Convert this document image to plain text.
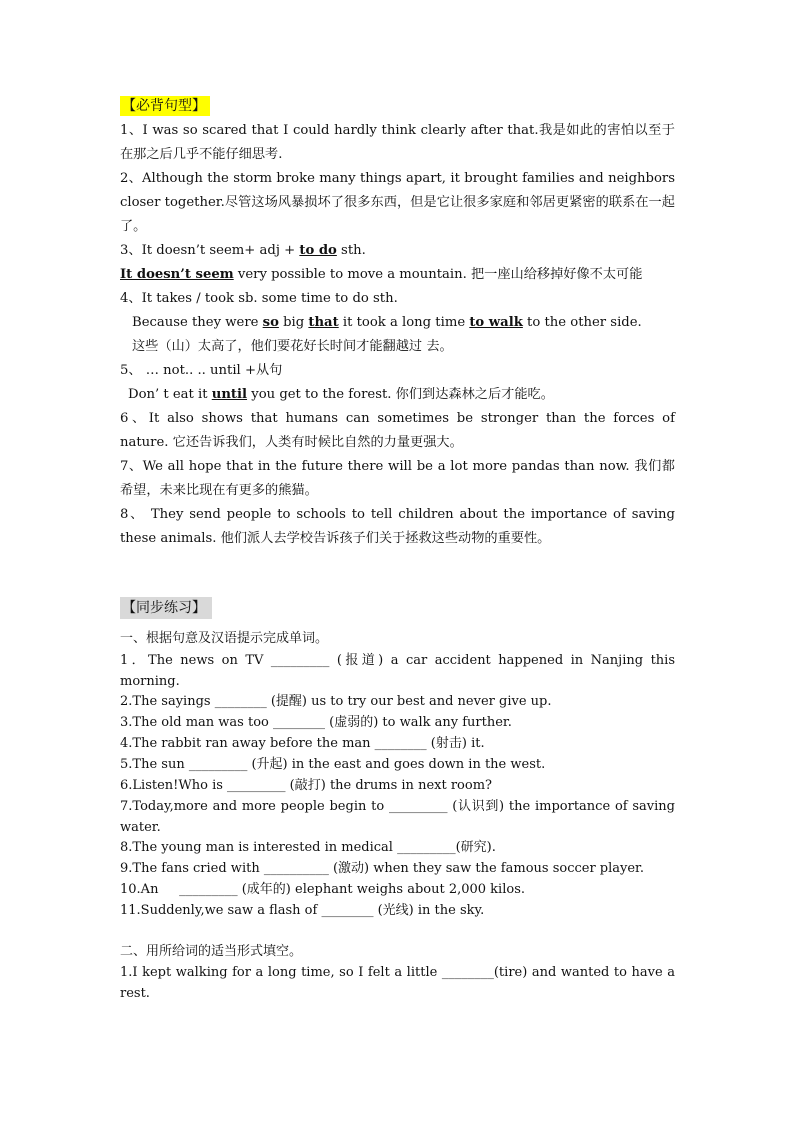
【必背句型】
1、I was so scared that I could hardly think clearly after that.我是如此的害怕以至于在那之后几乎不能仔细思考.
2、Although the storm broke many things apart, it brought families and neighbors closer together.尽管这场风暴损坏了很多东西，但是它让很多家庭和邻居更紧密的联系在一起了。
3、It doesn’t seem+ adj + to do sth.
It doesn’t seem very possible to move a mountain. 把一座山给移掉好像不太可能
4、It takes / took sb. some time to do sth.
Because they were so big that it took a long time to walk to the other side.
这些（山）太高了，他们要花好长时间才能翻越过 去。
5、 … not.. .. until +从句
Don’ t eat it until you get to the forest. 你们到达森林之后才能吃。
6、It also shows that humans can sometimes be stronger than the forces of nature. 它还告诉我们，人类有时候比自然的力量更强大。
7、We all hope that in the future there will be a lot more pandas than now. 我们都希望，未来比现在有更多的熊猫。
8、 They send people to schools to tell children about the importance of saving these animals. 他们派人去学校告诉孩子们关于拯救这些动物的重要性。
【同步练习】
一、根据句意及汉语提示完成单词。
1．The news on TV _________ (报道) a car accident happened in Nanjing this morning.
2.The sayings ________ (提醒) us to try our best and never give up.
3.The old man was too ________ (虚弱的) to walk any further.
4.The rabbit ran away before the man ________ (射击) it.
5.The sun _________ (升起) in the east and goes down in the west.
6.Listen!Who is _________ (敲打) the drums in next room?
7.Today,more and more people begin to _________ (认识到) the importance of saving water.
8.The young man is interested in medical _________(研究).
9.The fans cried with __________ (激动) when they saw the famous soccer player.
10.An     _________ (成年的) elephant weighs about 2,000 kilos.
11.Suddenly,we saw a flash of ________ (光线) in the sky.
二、用所给词的适当形式填空。
1.I kept walking for a long time, so I felt a little ________(tire) and wanted to have a rest.
